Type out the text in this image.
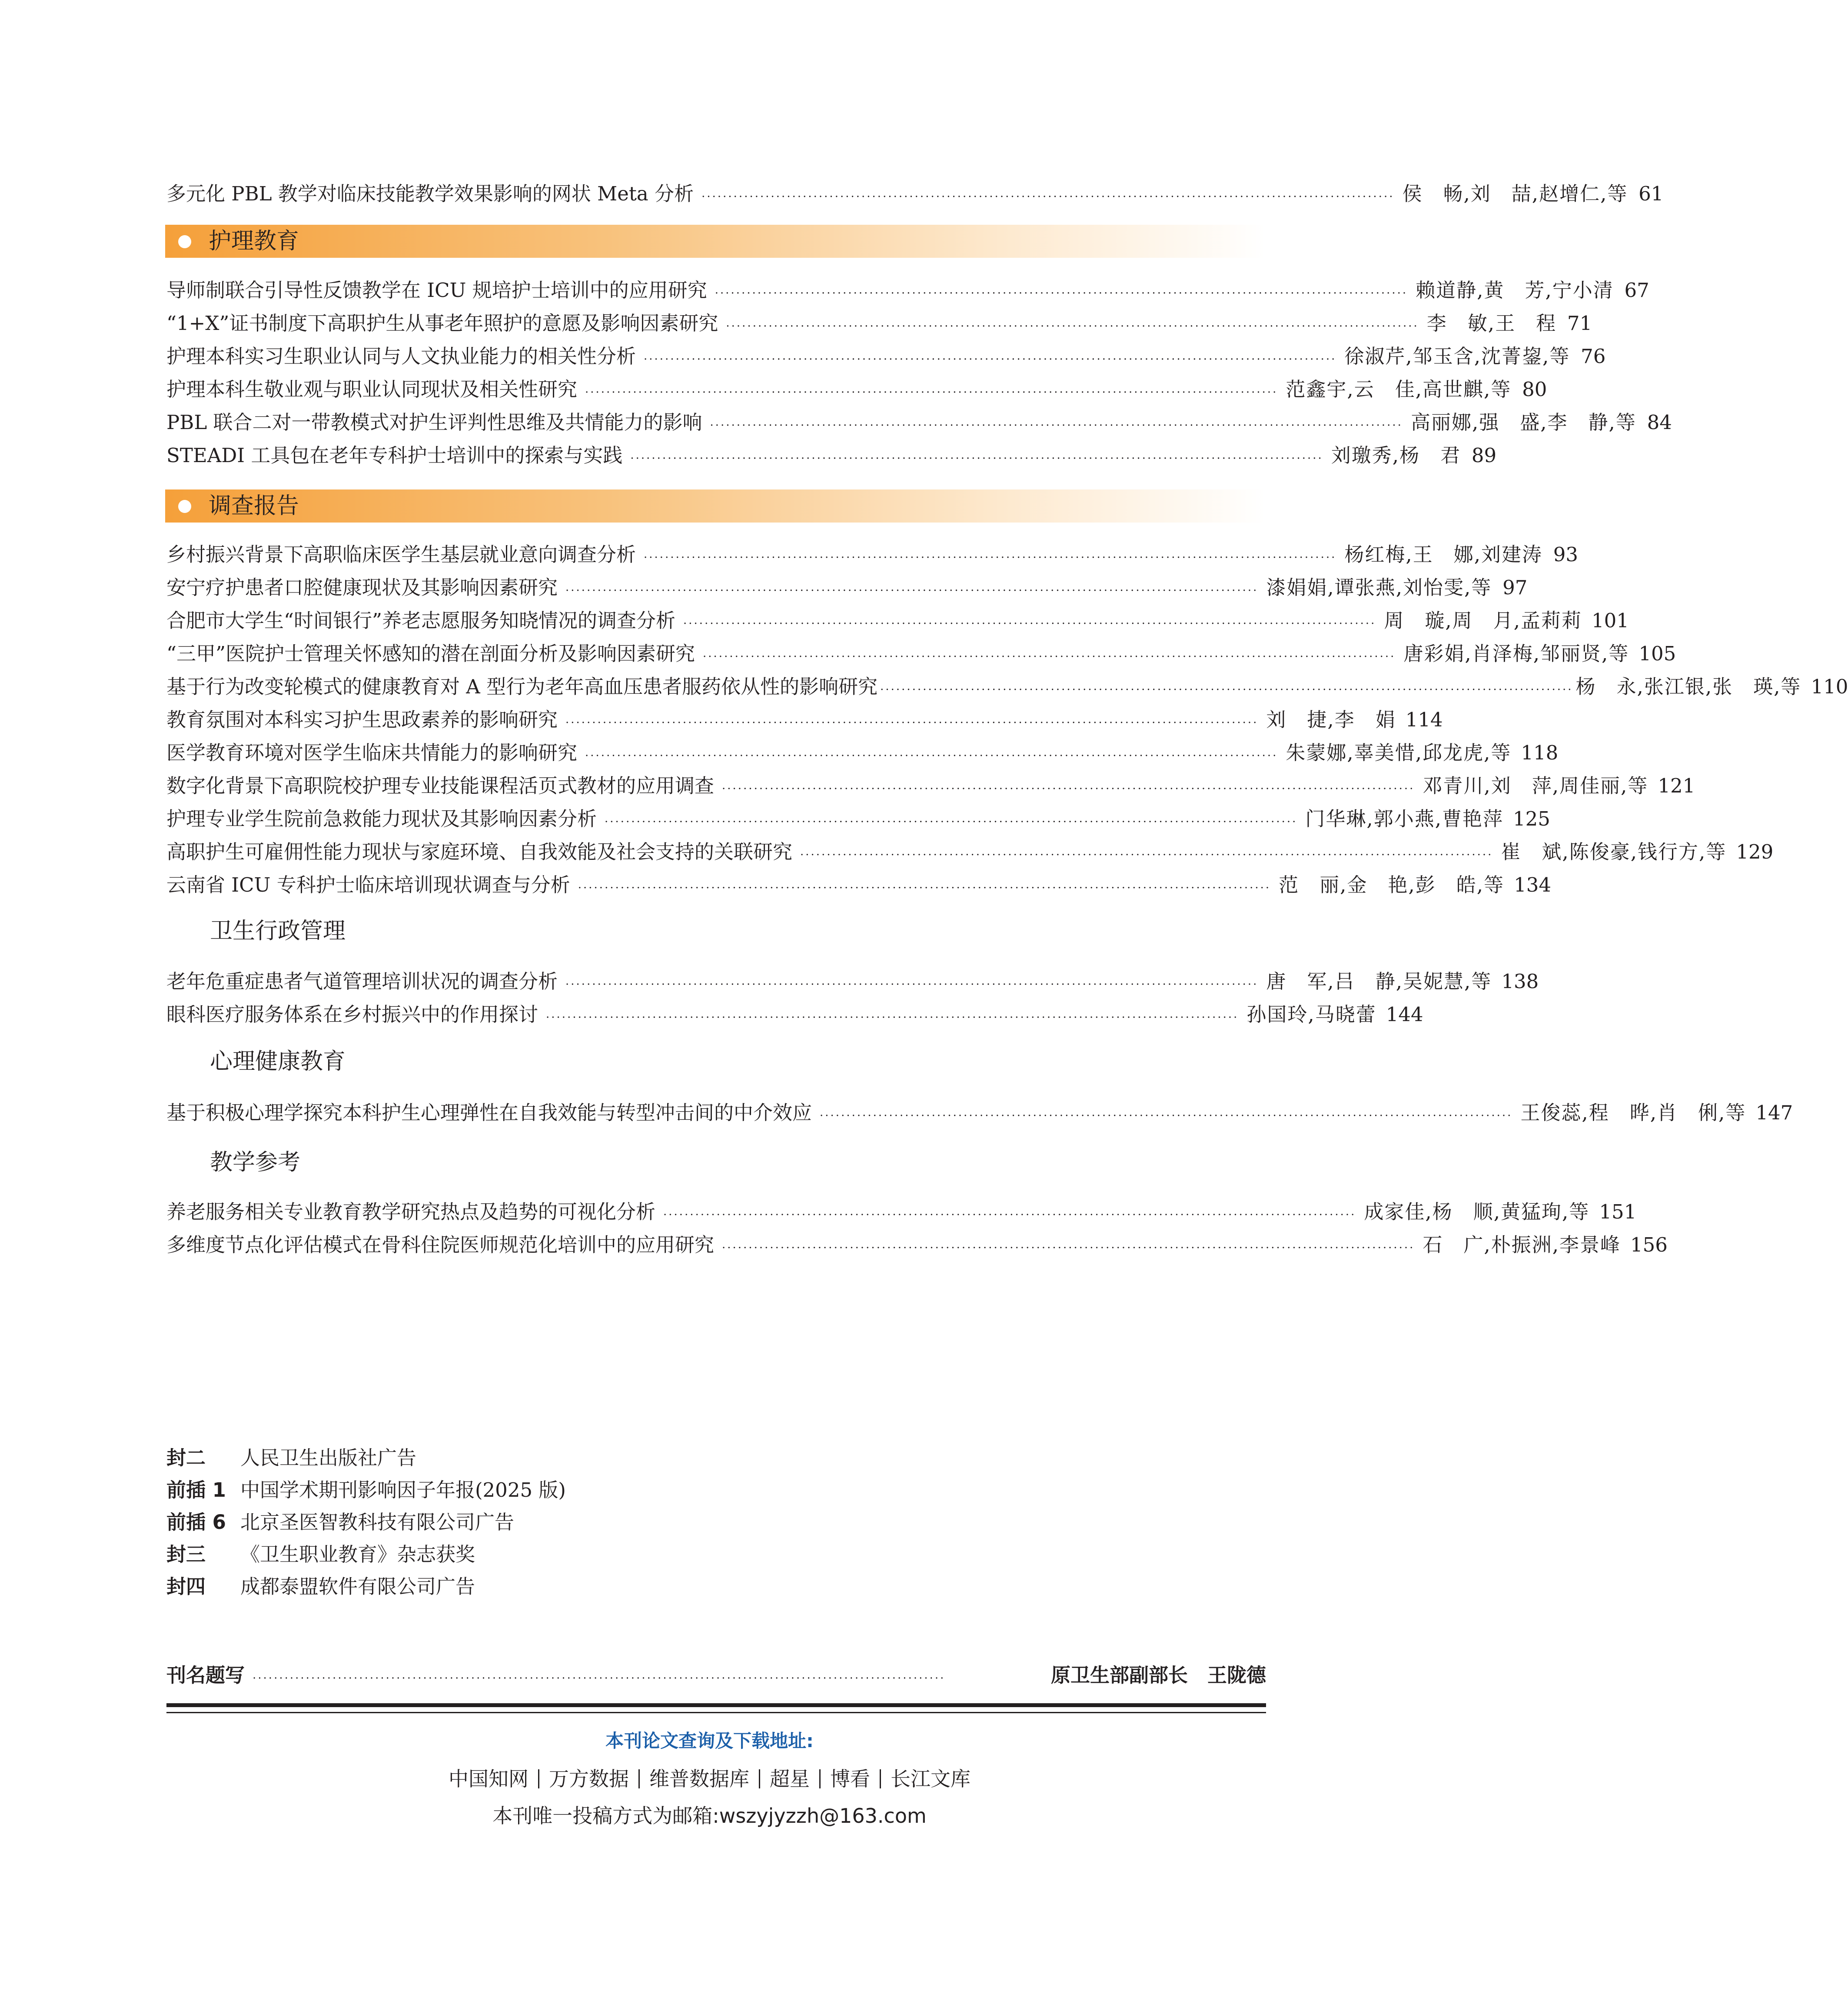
多元化 PBL 教学对临床技能教学效果影响的网状 Meta 分析 ·································································································································· 侯　畅,刘　喆,赵增仁,等 61
护理教育
导师制联合引导性反馈教学在 ICU 规培护士培训中的应用研究 ·································································································································· 赖道静,黄　芳,宁小清 67
“1+X”证书制度下高职护生从事老年照护的意愿及影响因素研究 ·································································································································· 李　敏,王　程 71
护理本科实习生职业认同与人文执业能力的相关性分析 ·································································································································· 徐淑芹,邹玉含,沈菁鋆,等 76
护理本科生敬业观与职业认同现状及相关性研究 ·································································································································· 范鑫宇,云　佳,高世麒,等 80
PBL 联合二对一带教模式对护生评判性思维及共情能力的影响 ·································································································································· 高丽娜,强　盛,李　静,等 84
STEADI 工具包在老年专科护士培训中的探索与实践 ·································································································································· 刘璬秀,杨　君 89
调查报告
乡村振兴背景下高职临床医学生基层就业意向调查分析 ·································································································································· 杨红梅,王　娜,刘建涛 93
安宁疗护患者口腔健康现状及其影响因素研究 ·································································································································· 漆娟娟,谭张燕,刘怡雯,等 97
合肥市大学生“时间银行”养老志愿服务知晓情况的调查分析 ·································································································································· 周　璇,周　月,孟莉莉 101
“三甲”医院护士管理关怀感知的潜在剖面分析及影响因素研究 ·································································································································· 唐彩娟,肖泽梅,邹丽贤,等 105
基于行为改变轮模式的健康教育对 A 型行为老年高血压患者服药依从性的影响研究 ·································································································································· 杨　永,张江银,张　瑛,等 110
教育氛围对本科实习护生思政素养的影响研究 ·································································································································· 刘　捷,李　娟 114
医学教育环境对医学生临床共情能力的影响研究 ·································································································································· 朱蒙娜,辜美惜,邱龙虎,等 118
数字化背景下高职院校护理专业技能课程活页式教材的应用调查 ·································································································································· 邓青川,刘　萍,周佳丽,等 121
护理专业学生院前急救能力现状及其影响因素分析 ·································································································································· 门华琳,郭小燕,曹艳萍 125
高职护生可雇佣性能力现状与家庭环境、自我效能及社会支持的关联研究 ·································································································································· 崔　斌,陈俊豪,钱行方,等 129
云南省 ICU 专科护士临床培训现状调查与分析 ·································································································································· 范　丽,金　艳,彭　皓,等 134
卫生行政管理
老年危重症患者气道管理培训状况的调查分析 ·································································································································· 唐　军,吕　静,吴妮慧,等 138
眼科医疗服务体系在乡村振兴中的作用探讨 ·································································································································· 孙国玲,马晓蕾 144
心理健康教育
基于积极心理学探究本科护生心理弹性在自我效能与转型冲击间的中介效应 ·································································································································· 王俊蕊,程　晔,肖　俐,等 147
教学参考
养老服务相关专业教育教学研究热点及趋势的可视化分析 ·································································································································· 成家佳,杨　顺,黄猛珣,等 151
多维度节点化评估模式在骨科住院医师规范化培训中的应用研究 ·································································································································· 石　广,朴振洲,李景峰 156
封二	人民卫生出版社广告
前插 1 中国学术期刊影响因子年报(2025 版)
前插 6 北京圣医智教科技有限公司广告
封三	《卫生职业教育》杂志获奖
封四	成都泰盟软件有限公司广告
刊名题写 ··································································································································	原卫生部副部长　王陇德
本刊论文查询及下载地址:
中国知网 万方数据 维普数据库 超星 博看 长江文库
本刊唯一投稿方式为邮箱:wszyjyzzh@163.com
